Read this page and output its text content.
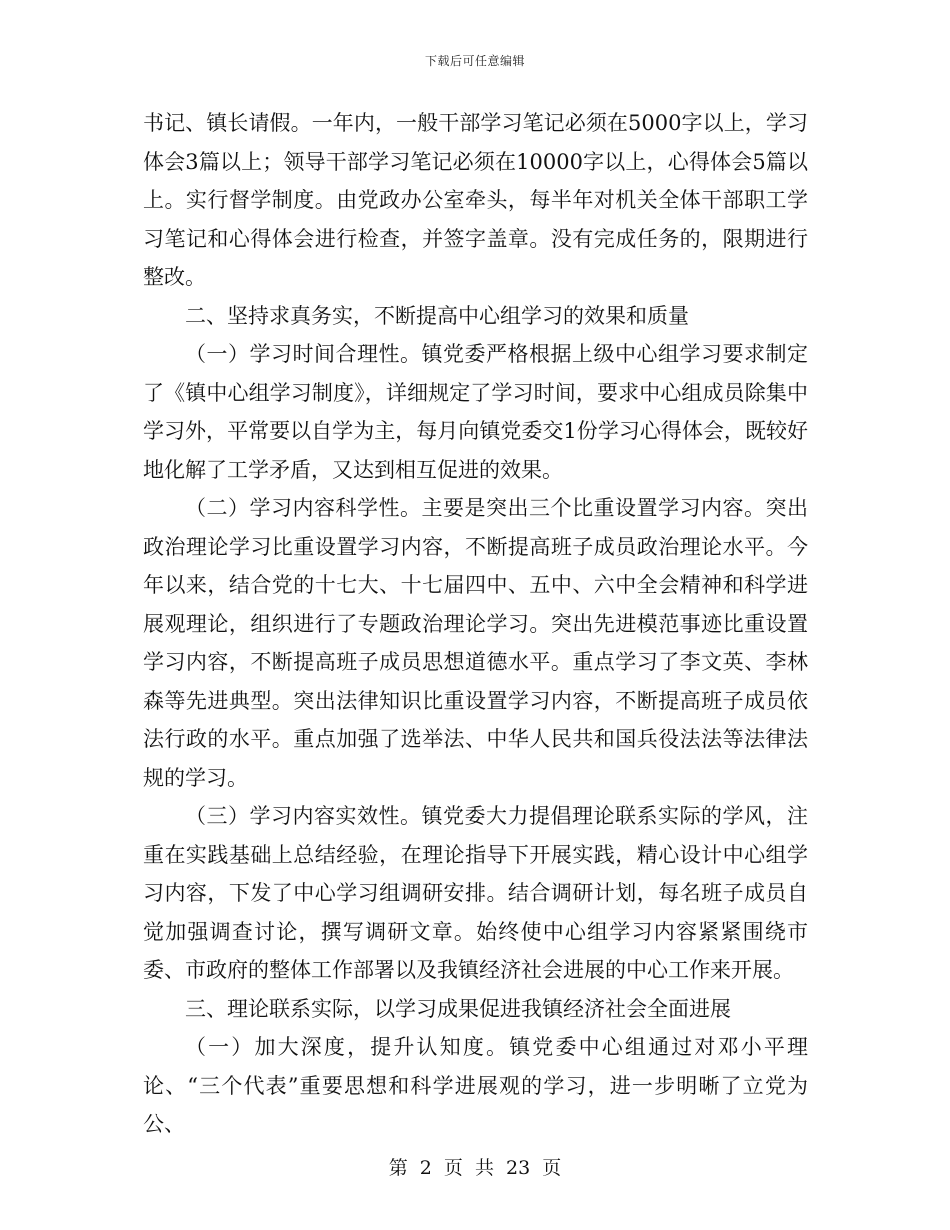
下载后可任意编辑

书记、镇长请假。一年内，一般干部学习笔记必须在5000字以上，学习体会3篇以上；领导干部学习笔记必须在10000字以上，心得体会5篇以上。实行督学制度。由党政办公室牵头，每半年对机关全体干部职工学习笔记和心得体会进行检查，并签字盖章。没有完成任务的，限期进行整改。

二、坚持求真务实，不断提高中心组学习的效果和质量

（一）学习时间合理性。镇党委严格根据上级中心组学习要求制定了《镇中心组学习制度》，详细规定了学习时间，要求中心组成员除集中学习外，平常要以自学为主，每月向镇党委交1份学习心得体会，既较好地化解了工学矛盾，又达到相互促进的效果。

（二）学习内容科学性。主要是突出三个比重设置学习内容。突出政治理论学习比重设置学习内容，不断提高班子成员政治理论水平。今年以来，结合党的十七大、十七届四中、五中、六中全会精神和科学进展观理论，组织进行了专题政治理论学习。突出先进模范事迹比重设置学习内容，不断提高班子成员思想道德水平。重点学习了李文英、李林森等先进典型。突出法律知识比重设置学习内容，不断提高班子成员依法行政的水平。重点加强了选举法、中华人民共和国兵役法法等法律法规的学习。

（三）学习内容实效性。镇党委大力提倡理论联系实际的学风，注重在实践基础上总结经验，在理论指导下开展实践，精心设计中心组学习内容，下发了中心学习组调研安排。结合调研计划，每名班子成员自觉加强调查讨论，撰写调研文章。始终使中心组学习内容紧紧围绕市委、市政府的整体工作部署以及我镇经济社会进展的中心工作来开展。

三、理论联系实际，以学习成果促进我镇经济社会全面进展

（一）加大深度，提升认知度。镇党委中心组通过对邓小平理论、“三个代表”重要思想和科学进展观的学习，进一步明晰了立党为公、

第 2 页 共 23 页
